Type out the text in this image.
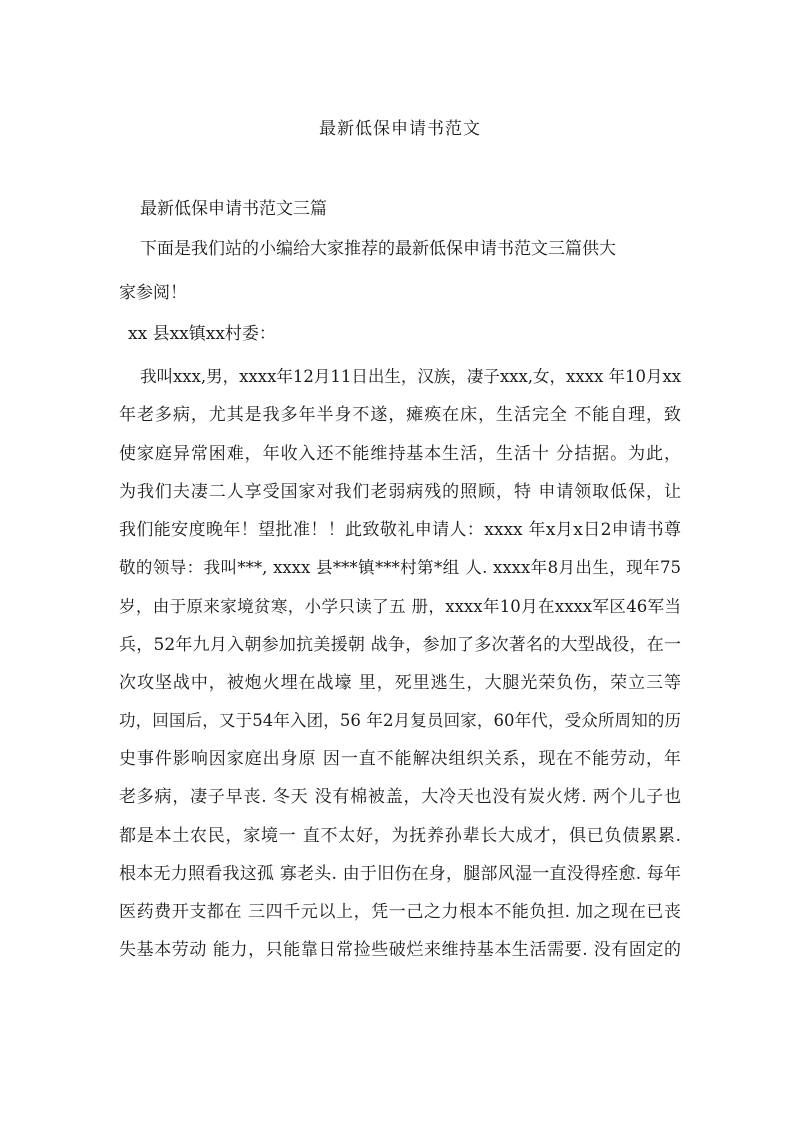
最新低保申请书范文
最新低保申请书范文三篇
下面是我们站的小编给大家推荐的最新低保申请书范文三篇供大
家参阅！
xx 县xx镇xx村委：
我叫xxx,男，xxxx年12月11日出生，汉族，凄子xxx,女，xxxx 年10月xx
年老多病，尤其是我多年半身不遂，瘫痪在床，生活完全 不能自理，致
使家庭异常困难，年收入还不能维持基本生活，生活十 分拮据。为此，
为我们夫凄二人享受国家对我们老弱病残的照顾，特 申请领取低保，让
我们能安度晚年！望批准！！此致敬礼申请人：xxxx 年x月x日2申请书尊
敬的领导：我叫***, xxxx 县***镇***村第*组 人. xxxx年8月出生，现年75
岁，由于原来家境贫寒，小学只读了五 册，xxxx年10月在xxxx军区46军当
兵，52年九月入朝参加抗美援朝 战争，参加了多次著名的大型战役，在一
次攻坚战中，被炮火埋在战壕 里，死里逃生，大腿光荣负伤，荣立三等
功，回国后，又于54年入团，56 年2月复员回家，60年代，受众所周知的历
史事件影响因家庭出身原 因一直不能解决组织关系，现在不能劳动，年
老多病，凄子早丧. 冬天 没有棉被盖，大冷天也没有炭火烤. 两个儿子也
都是本土农民，家境一 直不太好，为抚养孙辈长大成才，俱已负债累累.
根本无力照看我这孤 寡老头. 由于旧伤在身，腿部风湿一直没得痊愈. 每年
医药费开支都在 三四千元以上，凭一己之力根本不能负担. 加之现在已丧
失基本劳动 能力，只能靠日常捡些破烂来维持基本生活需要. 没有固定的
